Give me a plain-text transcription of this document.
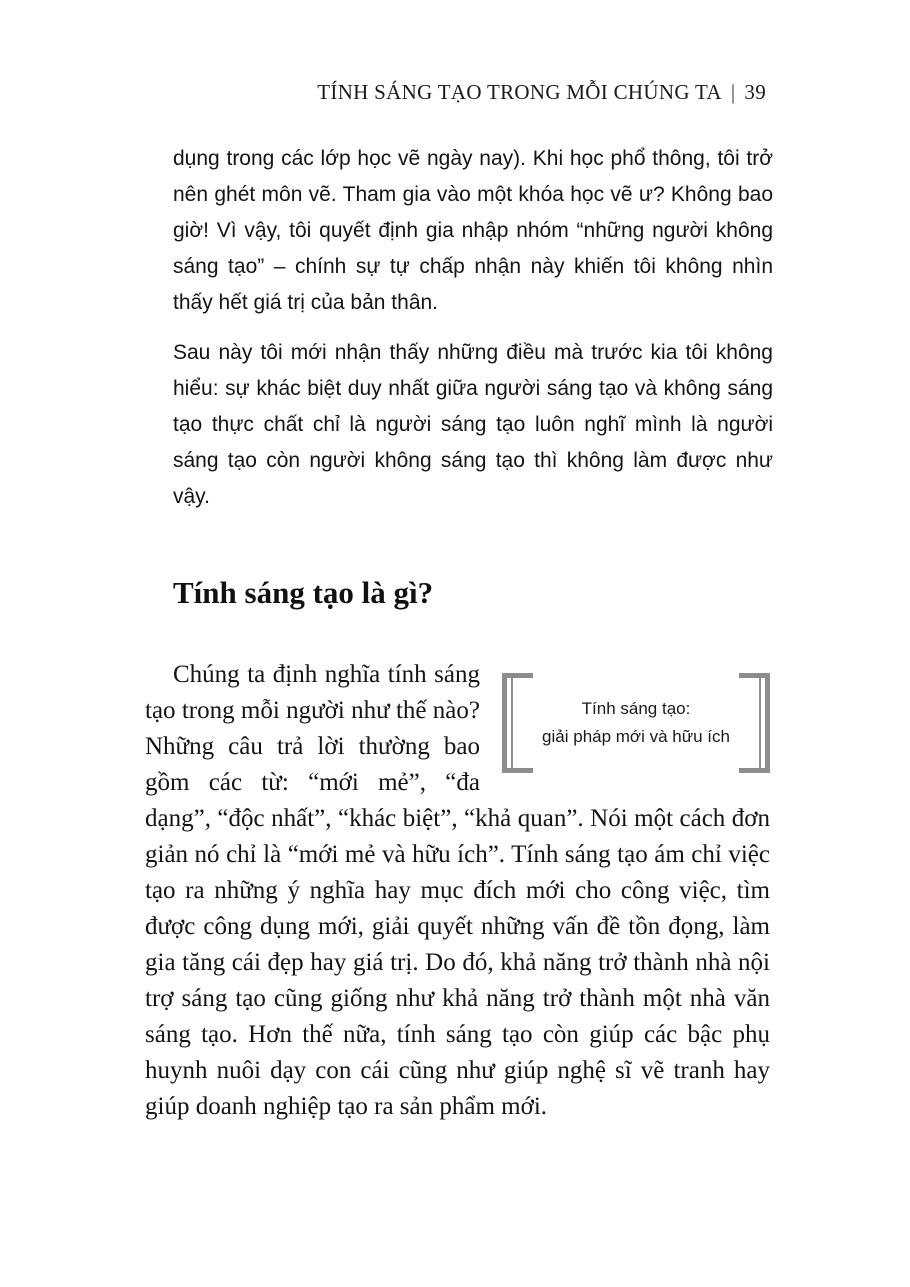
TÍNH SÁNG TẠO TRONG MỖI CHÚNG TA | 39
dụng trong các lớp học vẽ ngày nay). Khi học phổ thông, tôi trở nên ghét môn vẽ. Tham gia vào một khóa học vẽ ư? Không bao giờ! Vì vậy, tôi quyết định gia nhập nhóm “những người không sáng tạo” – chính sự tự chấp nhận này khiến tôi không nhìn thấy hết giá trị của bản thân.
Sau này tôi mới nhận thấy những điều mà trước kia tôi không hiểu: sự khác biệt duy nhất giữa người sáng tạo và không sáng tạo thực chất chỉ là người sáng tạo luôn nghĩ mình là người sáng tạo còn người không sáng tạo thì không làm được như vậy.
Tính sáng tạo là gì?
Tính sáng tạo:
giải pháp mới và hữu ích

Chúng ta định nghĩa tính sáng tạo trong mỗi người như thế nào? Những câu trả lời thường bao gồm các từ: “mới mẻ”, “đa dạng”, “độc nhất”, “khác biệt”, “khả quan”. Nói một cách đơn giản nó chỉ là “mới mẻ và hữu ích”. Tính sáng tạo ám chỉ việc tạo ra những ý nghĩa hay mục đích mới cho công việc, tìm được công dụng mới, giải quyết những vấn đề tồn đọng, làm gia tăng cái đẹp hay giá trị. Do đó, khả năng trở thành nhà nội trợ sáng tạo cũng giống như khả năng trở thành một nhà văn sáng tạo. Hơn thế nữa, tính sáng tạo còn giúp các bậc phụ huynh nuôi dạy con cái cũng như giúp nghệ sĩ vẽ tranh hay giúp doanh nghiệp tạo ra sản phẩm mới.
